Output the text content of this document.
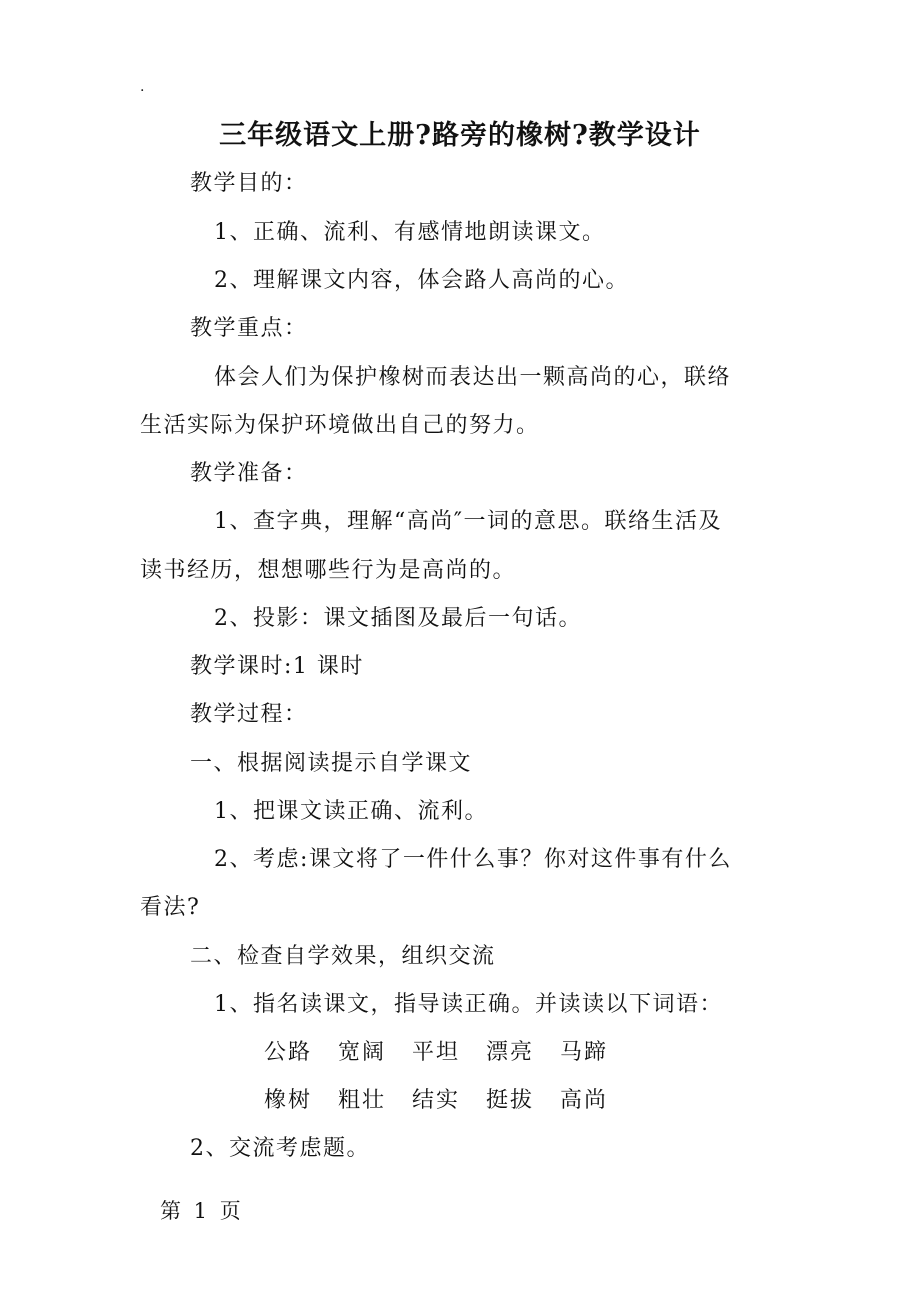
.
三年级语文上册?路旁的橡树?教学设计
教学目的：
1、正确、流利、有感情地朗读课文。
2、理解课文内容，体会路人高尚的心。
教学重点：
体会人们为保护橡树而表达出一颗高尚的心，联络
生活实际为保护环境做出自己的努力。
教学准备：
1、查字典，理解“高尚″一词的意思。联络生活及
读书经历，想想哪些行为是高尚的。
2、投影：课文插图及最后一句话。
教学课时:1 课时
教学过程：
一、根据阅读提示自学课文
1、把课文读正确、流利。
2、考虑:课文将了一件什么事？你对这件事有什么
看法?
二、检查自学效果，组织交流
1、指名读课文，指导读正确。并读读以下词语：
公路	宽阔	平坦	漂亮	马蹄
橡树	粗壮	结实	挺拔	高尚
2、交流考虑题。
第 1 页
